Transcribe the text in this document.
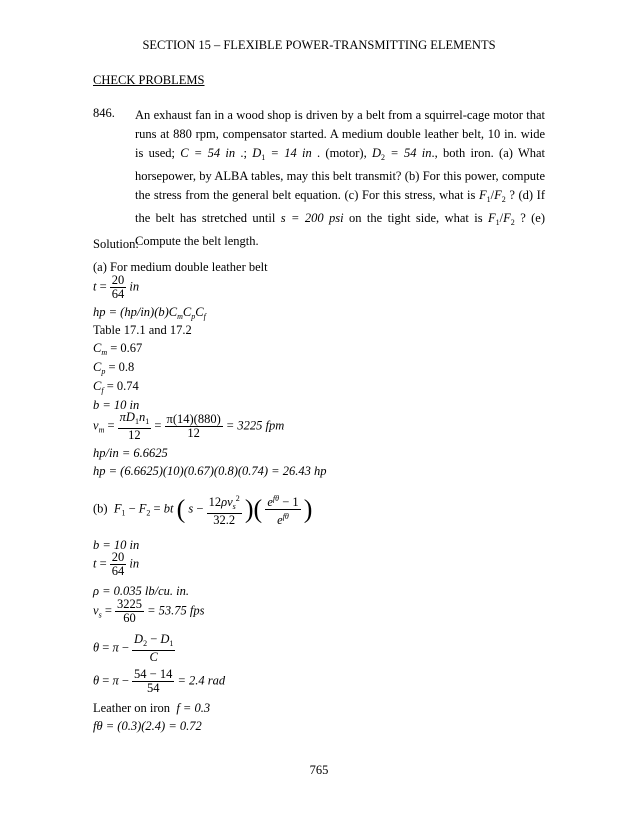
SECTION 15 – FLEXIBLE POWER-TRANSMITTING ELEMENTS
CHECK PROBLEMS
846. An exhaust fan in a wood shop is driven by a belt from a squirrel-cage motor that runs at 880 rpm, compensator started. A medium double leather belt, 10 in. wide is used; C = 54 in .; $D_1 = 14$ in . (motor), $D_2 = 54$ in., both iron. (a) What horsepower, by ALBA tables, may this belt transmit? (b) For this power, compute the stress from the general belt equation. (c) For this stress, what is $F_1/F_2$ ? (d) If the belt has stretched until s = 200 psi on the tight side, what is $F_1/F_2$ ? (e) Compute the belt length.
Solution:
(a) For medium double leather belt
$t = \frac{20}{64}$ in
hp = $(hp/in)(b)C_mC_pC_f$
Table 17.1 and 17.2
$C_m = 0.67$
$C_p = 0.8$
$C_f = 0.74$
b = 10 in
$v_m = \frac{\pi D_1n_1}{12} = \frac{\pi(14)(880)}{12} = 3225$ fpm
hp/in = 6.6625
hp = (6.6625)(10)(0.67)(0.8)(0.74) = 26.43 hp
(b) $F_1 - F_2$ = bt ( $s - \frac{12\rho v_s^2}{32.2}$ )( $\frac{e^{f\theta} - 1}{e^{f\theta}}$ )
b = 10 in
$t = \frac{20}{64}$ in
ρ = 0.035 lb/cu. in.
$v_s = \frac{3225}{60} = 53.75$ fps
$\theta = \pi - \frac{D_2 - D_1}{C}$
$\theta = \pi - \frac{54 - 14}{54} = 2.4$ rad
Leather on iron f = 0.3
fθ = (0.3)(2.4) = 0.72
765
